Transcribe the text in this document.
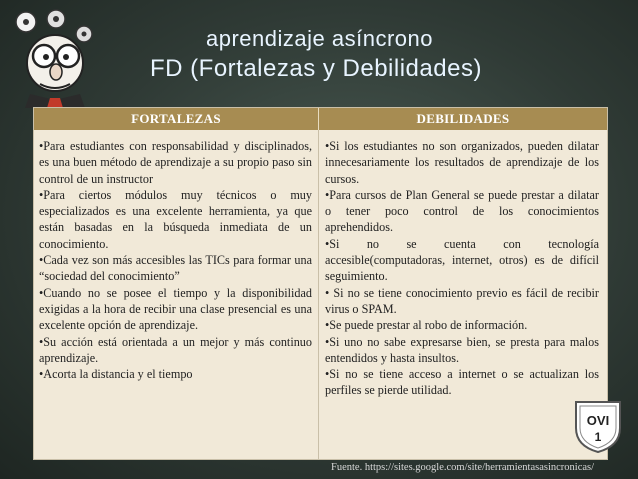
aprendizaje asíncrono
FD (Fortalezas y Debilidades)
FORTALEZAS	DEBILIDADES

•Para estudiantes con responsabilidad y disciplinados, es una buen método de aprendizaje a su propio paso sin control de un instructor

•Para ciertos módulos muy técnicos o muy especializados es una excelente herramienta, ya que están basadas en la búsqueda inmediata de un conocimiento.

•Cada vez son más accesibles las TICs para formar una “sociedad del conocimiento”

•Cuando no se posee el tiempo y la disponibilidad exigidas a la hora de recibir una clase presencial es una excelente opción de aprendizaje.

•Su acción está orientada a un mejor y más continuo aprendizaje.

•Acorta la distancia y el tiempo

•Si los estudiantes no son organizados, pueden dilatar innecesariamente los resultados de aprendizaje de los cursos.

•Para cursos de Plan General se puede prestar a dilatar o tener poco control de los conocimientos aprehendidos.

•Si no se cuenta con tecnología accesible(computadoras, internet, otros) es de difícil seguimiento.

• Si no se tiene conocimiento previo es fácil de recibir virus o SPAM.

•Se puede prestar al robo de información.

•Si uno no sabe expresarse bien, se presta para malos entendidos y hasta insultos.

•Si no se tiene acceso a internet o se actualizan los perfiles se pierde utilidad.

OVI
1
Fuente. https://sites.google.com/site/herramientasasincronicas/
